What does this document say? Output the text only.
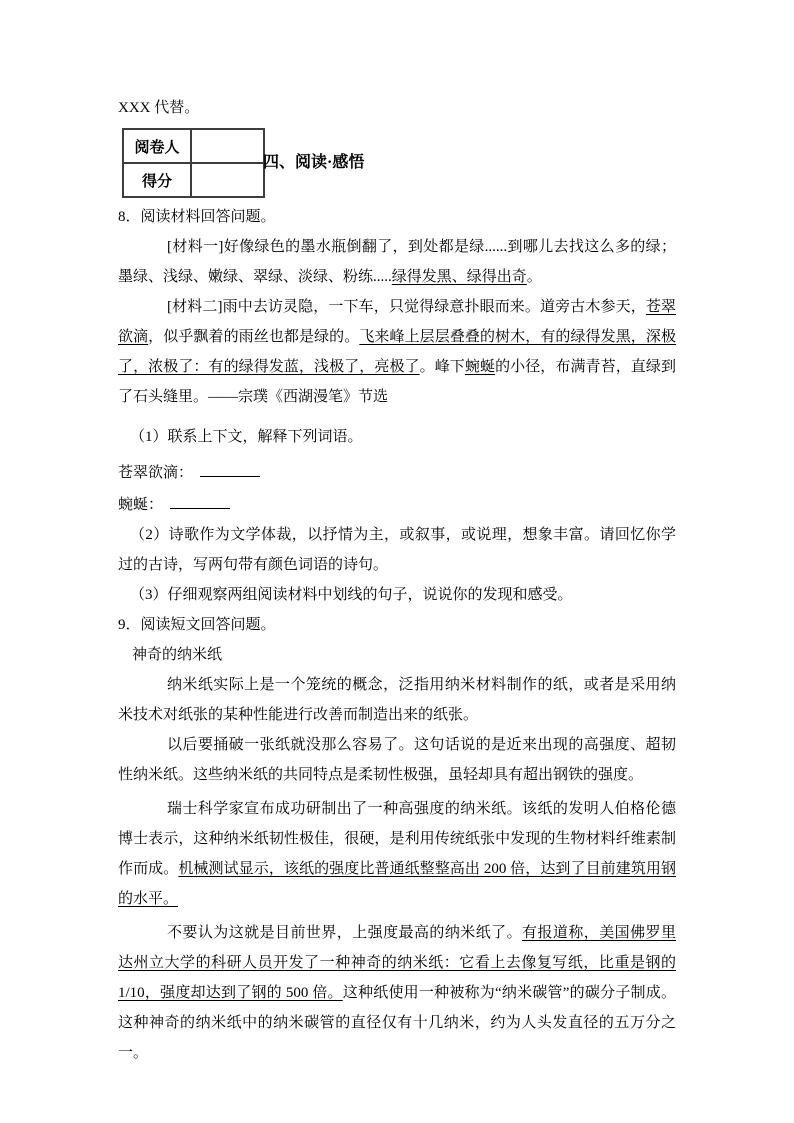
XXX 代替。

阅卷人	
得分	
四、阅读·感悟

8．阅读材料回答问题。

[材料一]好像绿色的墨水瓶倒翻了，到处都是绿......到哪儿去找这么多的绿；墨绿、浅绿、嫩绿、翠绿、淡绿、粉练.....绿得发黑、绿得出奇。

[材料二]雨中去访灵隐，一下车，只觉得绿意扑眼而来。道旁古木参天，苍翠欲滴，似乎飘着的雨丝也都是绿的。飞来峰上层层叠叠的树木，有的绿得发黑，深极了，浓极了：有的绿得发蓝，浅极了，亮极了。峰下蜿蜒的小径，布满青苔，直绿到了石头缝里。——宗璞《西湖漫笔》节选

（1）联系上下文，解释下列词语。

苍翠欲滴：

蜿蜒：

（2）诗歌作为文学体裁，以抒情为主，或叙事，或说理，想象丰富。请回忆你学过的古诗，写两句带有颜色词语的诗句。

（3）仔细观察两组阅读材料中划线的句子，说说你的发现和感受。

9．阅读短文回答问题。

神奇的纳米纸

纳米纸实际上是一个笼统的概念，泛指用纳米材料制作的纸，或者是采用纳米技术对纸张的某种性能进行改善而制造出来的纸张。

以后要捅破一张纸就没那么容易了。这句话说的是近来出现的高强度、超韧性纳米纸。这些纳米纸的共同特点是柔韧性极强，虽轻却具有超出钢铁的强度。

瑞士科学家宣布成功研制出了一种高强度的纳米纸。该纸的发明人伯格伦德博士表示，这种纳米纸韧性极佳，很硬，是利用传统纸张中发现的生物材料纤维素制作而成。机械测试显示，该纸的强度比普通纸整整高出 200 倍，达到了目前建筑用钢的水平。

不要认为这就是目前世界，上强度最高的纳米纸了。有报道称，美国佛罗里达州立大学的科研人员开发了一种神奇的纳米纸：它看上去像复写纸，比重是钢的 1/10，强度却达到了钢的 500 倍。这种纸使用一种被称为“纳米碳管”的碳分子制成。这种神奇的纳米纸中的纳米碳管的直径仅有十几纳米，约为人头发直径的五万分之一。
